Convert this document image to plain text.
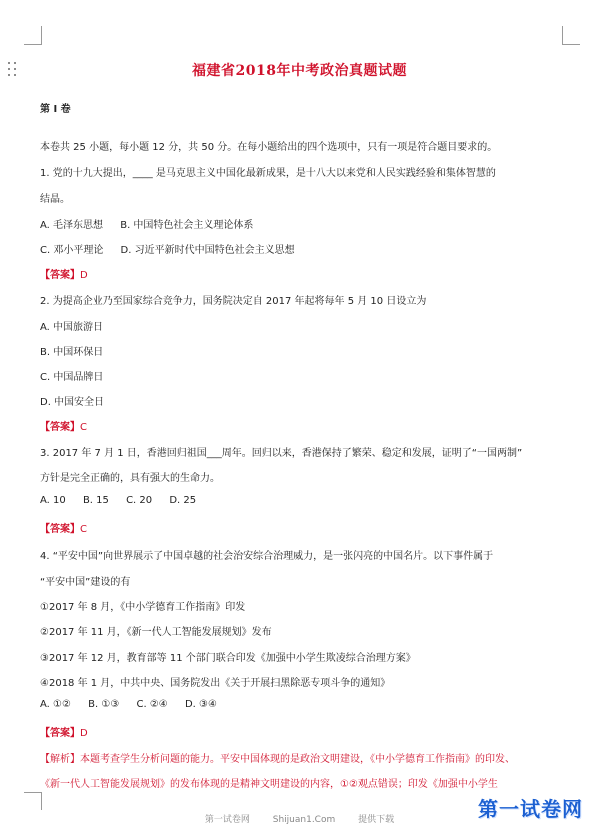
福建省2018年中考政治真题试题
第 I 卷
本卷共 25 小题，每小题 12 分，共 50 分。在每小题给出的四个选项中，只有一项是符合题目要求的。
1. 党的十九大提出，____ 是马克思主义中国化最新成果，是十八大以来党和人民实践经验和集体智慧的
结晶。
A. 毛泽东思想 B. 中国特色社会主义理论体系
C. 邓小平理论 D. 习近平新时代中国特色社会主义思想
【答案】D
2. 为提高企业乃至国家综合竞争力，国务院决定自 2017 年起将每年 5 月 10 日设立为
A. 中国旅游日
B. 中国环保日
C. 中国品牌日
D. 中国安全日
【答案】C
3. 2017 年 7 月 1 日，香港回归祖国___周年。回归以来，香港保持了繁荣、稳定和发展，证明了“一国两制”
方针是完全正确的，具有强大的生命力。
A. 10 B. 15 C. 20 D. 25
【答案】C
4. “平安中国”向世界展示了中国卓越的社会治安综合治理威力，是一张闪亮的中国名片。以下事件属于
“平安中国”建设的有
①2017 年 8 月，《中小学德育工作指南》印发
②2017 年 11 月，《新一代人工智能发展规划》发布
③2017 年 12 月，教育部等 11 个部门联合印发《加强中小学生欺凌综合治理方案》
④2018 年 1 月，中共中央、国务院发出《关于开展扫黑除恶专项斗争的通知》
A. ①② B. ①③ C. ②④ D. ③④
【答案】D
【解析】本题考查学生分析问题的能力。平安中国体现的是政治文明建设，《中小学德育工作指南》的印发、
《新一代人工智能发展规划》的发布体现的是精神文明建设的内容，①②观点错误；印发《加强中小学生
第一试卷网	Shijuan1.Com	提供下载	第一试卷网
